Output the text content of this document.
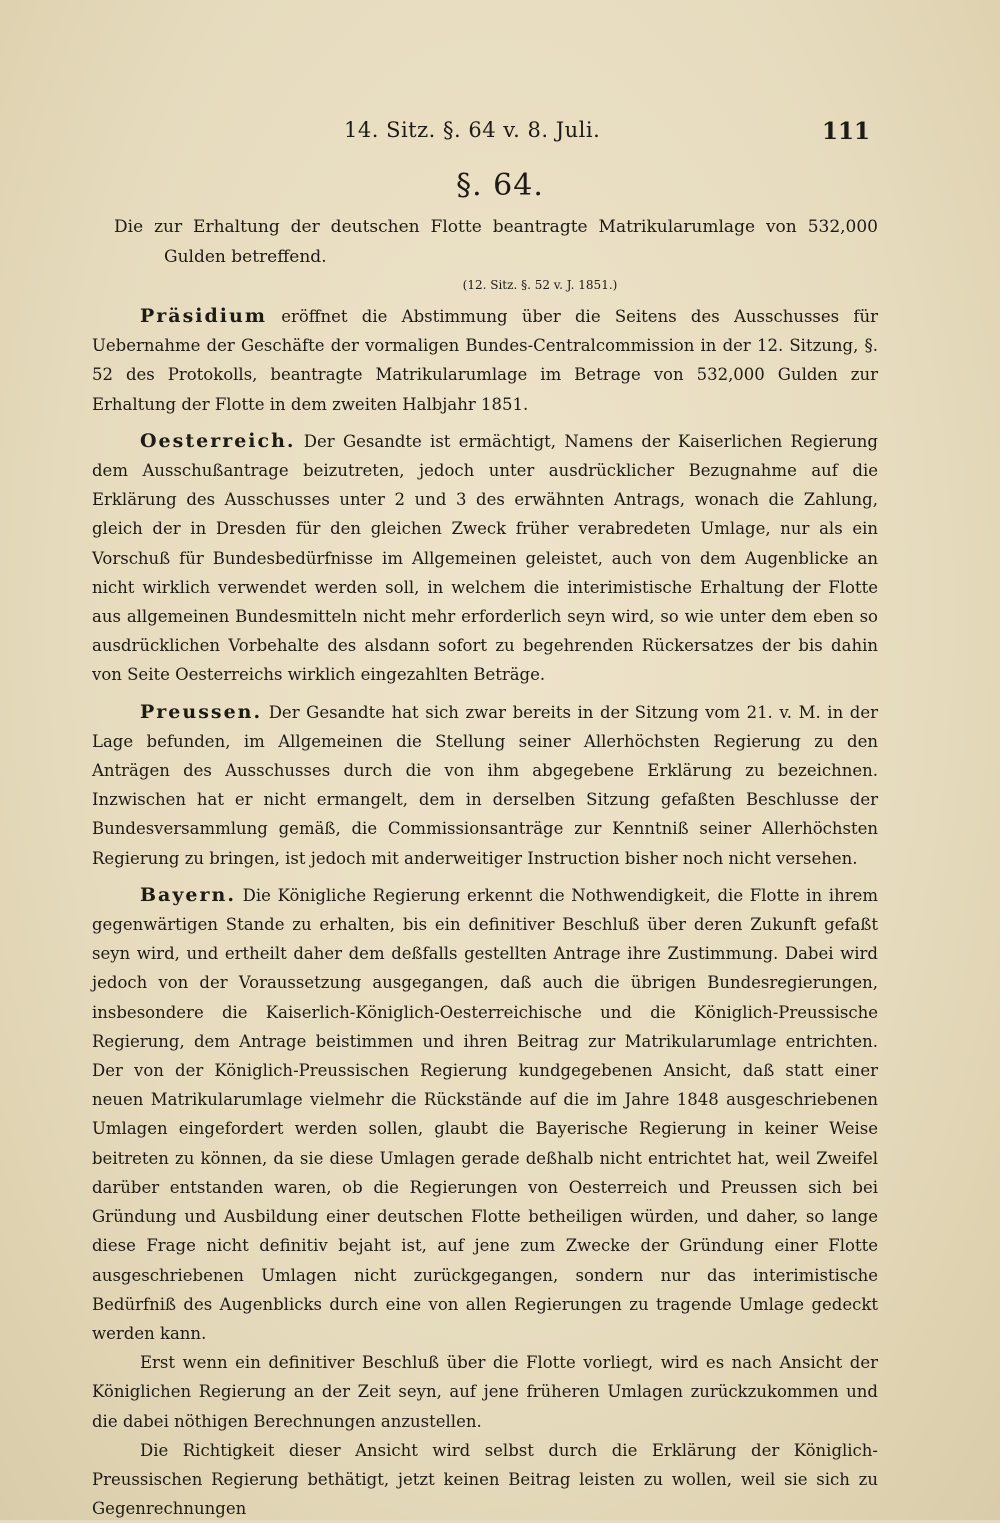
14. Sitz. §. 64 v. 8. Juli.	111
§. 64.

Die zur Erhaltung der deutschen Flotte beantragte Matrikularumlage von 532,000 Gulden betreffend.

(12. Sitz. §. 52 v. J. 1851.)

Präsidium eröffnet die Abstimmung über die Seitens des Ausschusses für Uebernahme der Geschäfte der vormaligen Bundes-Centralcommission in der 12. Sitzung, §. 52 des Protokolls, beantragte Matrikularumlage im Betrage von 532,000 Gulden zur Erhaltung der Flotte in dem zweiten Halbjahr 1851.

Oesterreich. Der Gesandte ist ermächtigt, Namens der Kaiserlichen Regierung dem Ausschußantrage beizutreten, jedoch unter ausdrücklicher Bezugnahme auf die Erklärung des Ausschusses unter 2 und 3 des erwähnten Antrags, wonach die Zahlung, gleich der in Dresden für den gleichen Zweck früher verabredeten Umlage, nur als ein Vorschuß für Bundesbedürfnisse im Allgemeinen geleistet, auch von dem Augenblicke an nicht wirklich verwendet werden soll, in welchem die interimistische Erhaltung der Flotte aus allgemeinen Bundesmitteln nicht mehr erforderlich seyn wird, so wie unter dem eben so ausdrücklichen Vorbehalte des alsdann sofort zu begehrenden Rückersatzes der bis dahin von Seite Oesterreichs wirklich eingezahlten Beträge.

Preussen. Der Gesandte hat sich zwar bereits in der Sitzung vom 21. v. M. in der Lage befunden, im Allgemeinen die Stellung seiner Allerhöchsten Regierung zu den Anträgen des Ausschusses durch die von ihm abgegebene Erklärung zu bezeichnen. Inzwischen hat er nicht ermangelt, dem in derselben Sitzung gefaßten Beschlusse der Bundesversammlung gemäß, die Commissionsanträge zur Kenntniß seiner Allerhöchsten Regierung zu bringen, ist jedoch mit anderweitiger Instruction bisher noch nicht versehen.

Bayern. Die Königliche Regierung erkennt die Nothwendigkeit, die Flotte in ihrem gegenwärtigen Stande zu erhalten, bis ein definitiver Beschluß über deren Zukunft gefaßt seyn wird, und ertheilt daher dem deßfalls gestellten Antrage ihre Zustimmung. Dabei wird jedoch von der Voraussetzung ausgegangen, daß auch die übrigen Bundesregierungen, insbesondere die Kaiserlich-Königlich-Oesterreichische und die Königlich-Preussische Regierung, dem Antrage beistimmen und ihren Beitrag zur Matrikularumlage entrichten. Der von der Königlich-Preussischen Regierung kundgegebenen Ansicht, daß statt einer neuen Matrikularumlage vielmehr die Rückstände auf die im Jahre 1848 ausgeschriebenen Umlagen eingefordert werden sollen, glaubt die Bayerische Regierung in keiner Weise beitreten zu können, da sie diese Umlagen gerade deßhalb nicht entrichtet hat, weil Zweifel darüber entstanden waren, ob die Regierungen von Oesterreich und Preussen sich bei Gründung und Ausbildung einer deutschen Flotte betheiligen würden, und daher, so lange diese Frage nicht definitiv bejaht ist, auf jene zum Zwecke der Gründung einer Flotte ausgeschriebenen Umlagen nicht zurückgegangen, sondern nur das interimistische Bedürfniß des Augenblicks durch eine von allen Regierungen zu tragende Umlage gedeckt werden kann.

Erst wenn ein definitiver Beschluß über die Flotte vorliegt, wird es nach Ansicht der Königlichen Regierung an der Zeit seyn, auf jene früheren Umlagen zurückzukommen und die dabei nöthigen Berechnungen anzustellen.

Die Richtigkeit dieser Ansicht wird selbst durch die Erklärung der Königlich-Preussischen Regierung bethätigt, jetzt keinen Beitrag leisten zu wollen, weil sie sich zu Gegenrechnungen
